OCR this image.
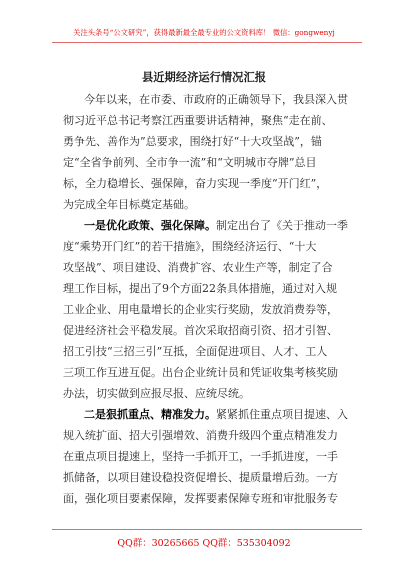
关注头条号“公文研究”，获得最新最全最专业的公文资料库！ 微信：gongwenyj
县近期经济运行情况汇报
今年以来，在市委、市政府的正确领导下，我县深入贯
彻习近平总书记考察江西重要讲话精神，聚焦“走在前、
勇争先、善作为”总要求，围绕打好“十大攻坚战”，锚
定“全省争前列、全市争一流”和“文明城市夺牌”总目
标，全力稳增长、强保障，奋力实现一季度“开门红”，
为完成全年目标奠定基础。
一是优化政策、强化保障。制定出台了《关于推动一季
度“乘势开门红”的若干措施》，围绕经济运行、“十大
攻坚战”、项目建设、消费扩容、农业生产等，制定了合
理工作目标，提出了9个方面22条具体措施，通过对入规
工业企业、用电量增长的企业实行奖励，发放消费券等，
促进经济社会平稳发展。首次采取招商引资、招才引智、
招工引技“三招三引”互抵，全面促进项目、人才、工人
三项工作互进互促。出台企业统计员和凭证收集考核奖励
办法，切实做到应报尽报、应统尽统。
二是狠抓重点、精准发力。紧紧抓住重点项目提速、入
规入统扩面、招大引强增效、消费升级四个重点精准发力
在重点项目提速上，坚持一手抓开工，一手抓进度，一手
抓储备，以项目建设稳投资促增长、提质量增后劲。一方
面，强化项目要素保障，发挥要素保障专班和审批服务专
QQ群：30265665 QQ群：535304092
